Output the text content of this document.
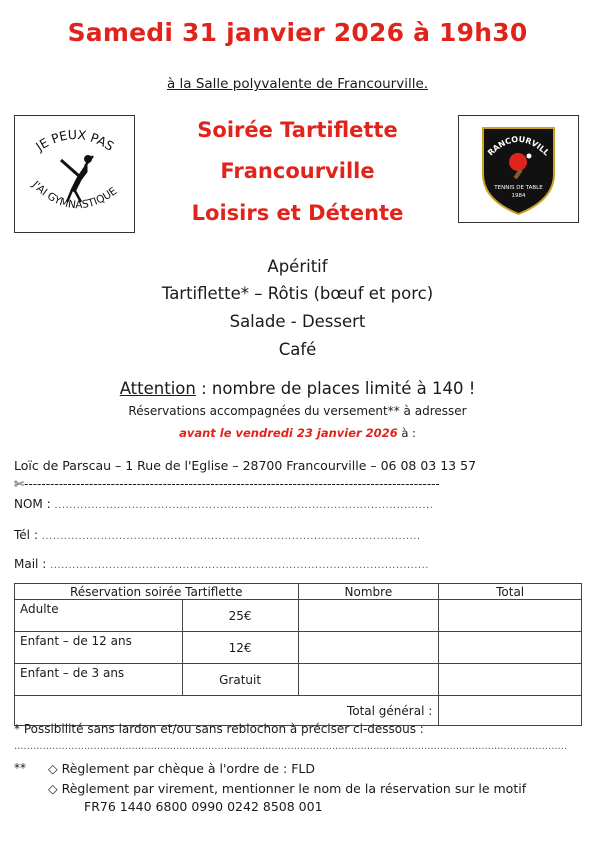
Samedi 31 janvier 2026 à 19h30
à la Salle polyvalente de Francourville.
JE PEUX PAS
J'AI GYMNASTIQUE
RANCOURVILL
TENNIS DE TABLE
1984
Soirée Tartiflette
Francourville
Loisirs et Détente
Apéritif
Tartiflette* – Rôtis (bœuf et porc)
Salade - Dessert
Café
Attention : nombre de places limité à 140 !
Réservations accompagnées du versement** à adresser
avant le vendredi 23 janvier 2026 à :
Loïc de Parscau – 1 Rue de l'Eglise – 28700 Francourville – 06 08 03 13 57
✄------------------------------------------------------------------------------------------------
NOM : .......................................................................................................
Tél : .......................................................................................................
Mail : .......................................................................................................
Réservation soirée Tartiflette		Nombre	Total
Adulte	25€		
Enfant – de 12 ans	12€		
Enfant – de 3 ans	Gratuit		
Total général :			
* Possibilité sans lardon et/ou sans reblochon à préciser ci-dessous :
..............................................................................................................................................................................
** ◇ Règlement par chèque à l'ordre de : FLD
◇ Règlement par virement, mentionner le nom de la réservation sur le motif
FR76 1440 6800 0990 0242 8508 001
